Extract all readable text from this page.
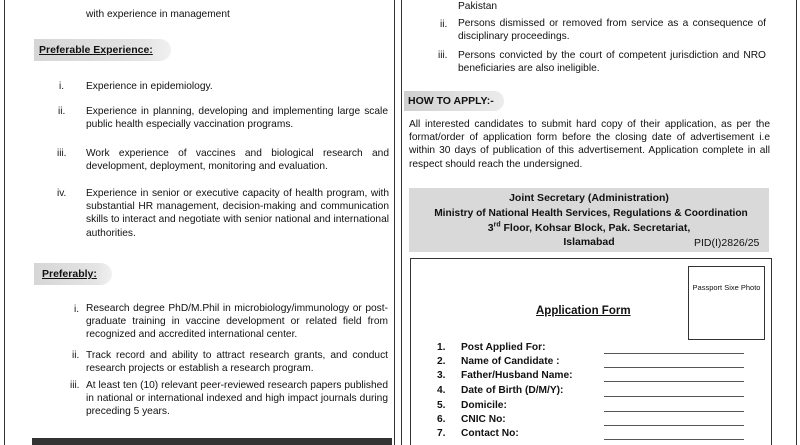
with experience in management
Preferable Experience:
i. Experience in epidemiology.
ii. Experience in planning, developing and implementing large scale public health especially vaccination programs.
iii. Work experience of vaccines and biological research and development, deployment, monitoring and evaluation.
iv. Experience in senior or executive capacity of health program, with substantial HR management, decision-making and communication skills to interact and negotiate with senior national and international authorities.
Preferably:
i. Research degree PhD/M.Phil in microbiology/immunology or post-graduate training in vaccine development or related field from recognized and accredited international center.
ii. Track record and ability to attract research grants, and conduct research projects or establish a research program.
iii. At least ten (10) relevant peer-reviewed research papers published in national or international indexed and high impact journals during preceding 5 years.
Pakistan
ii. Persons dismissed or removed from service as a consequence of disciplinary proceedings.
iii. Persons convicted by the court of competent jurisdiction and NRO beneficiaries are also ineligible.
HOW TO APPLY:-
All interested candidates to submit hard copy of their application, as per the format/order of application form before the closing date of advertisement i.e within 30 days of publication of this advertisement. Application complete in all respect should reach the undersigned.
Joint Secretary (Administration)
Ministry of National Health Services, Regulations & Coordination
3rd Floor, Kohsar Block, Pak. Secretariat,
Islamabad	PID(I)2826/25
Passport Sixe Photo
Application Form
1. Post Applied For:
2. Name of Candidate :
3. Father/Husband Name:
4. Date of Birth (D/M/Y):
5. Domicile:
6. CNIC No:
7. Contact No:
